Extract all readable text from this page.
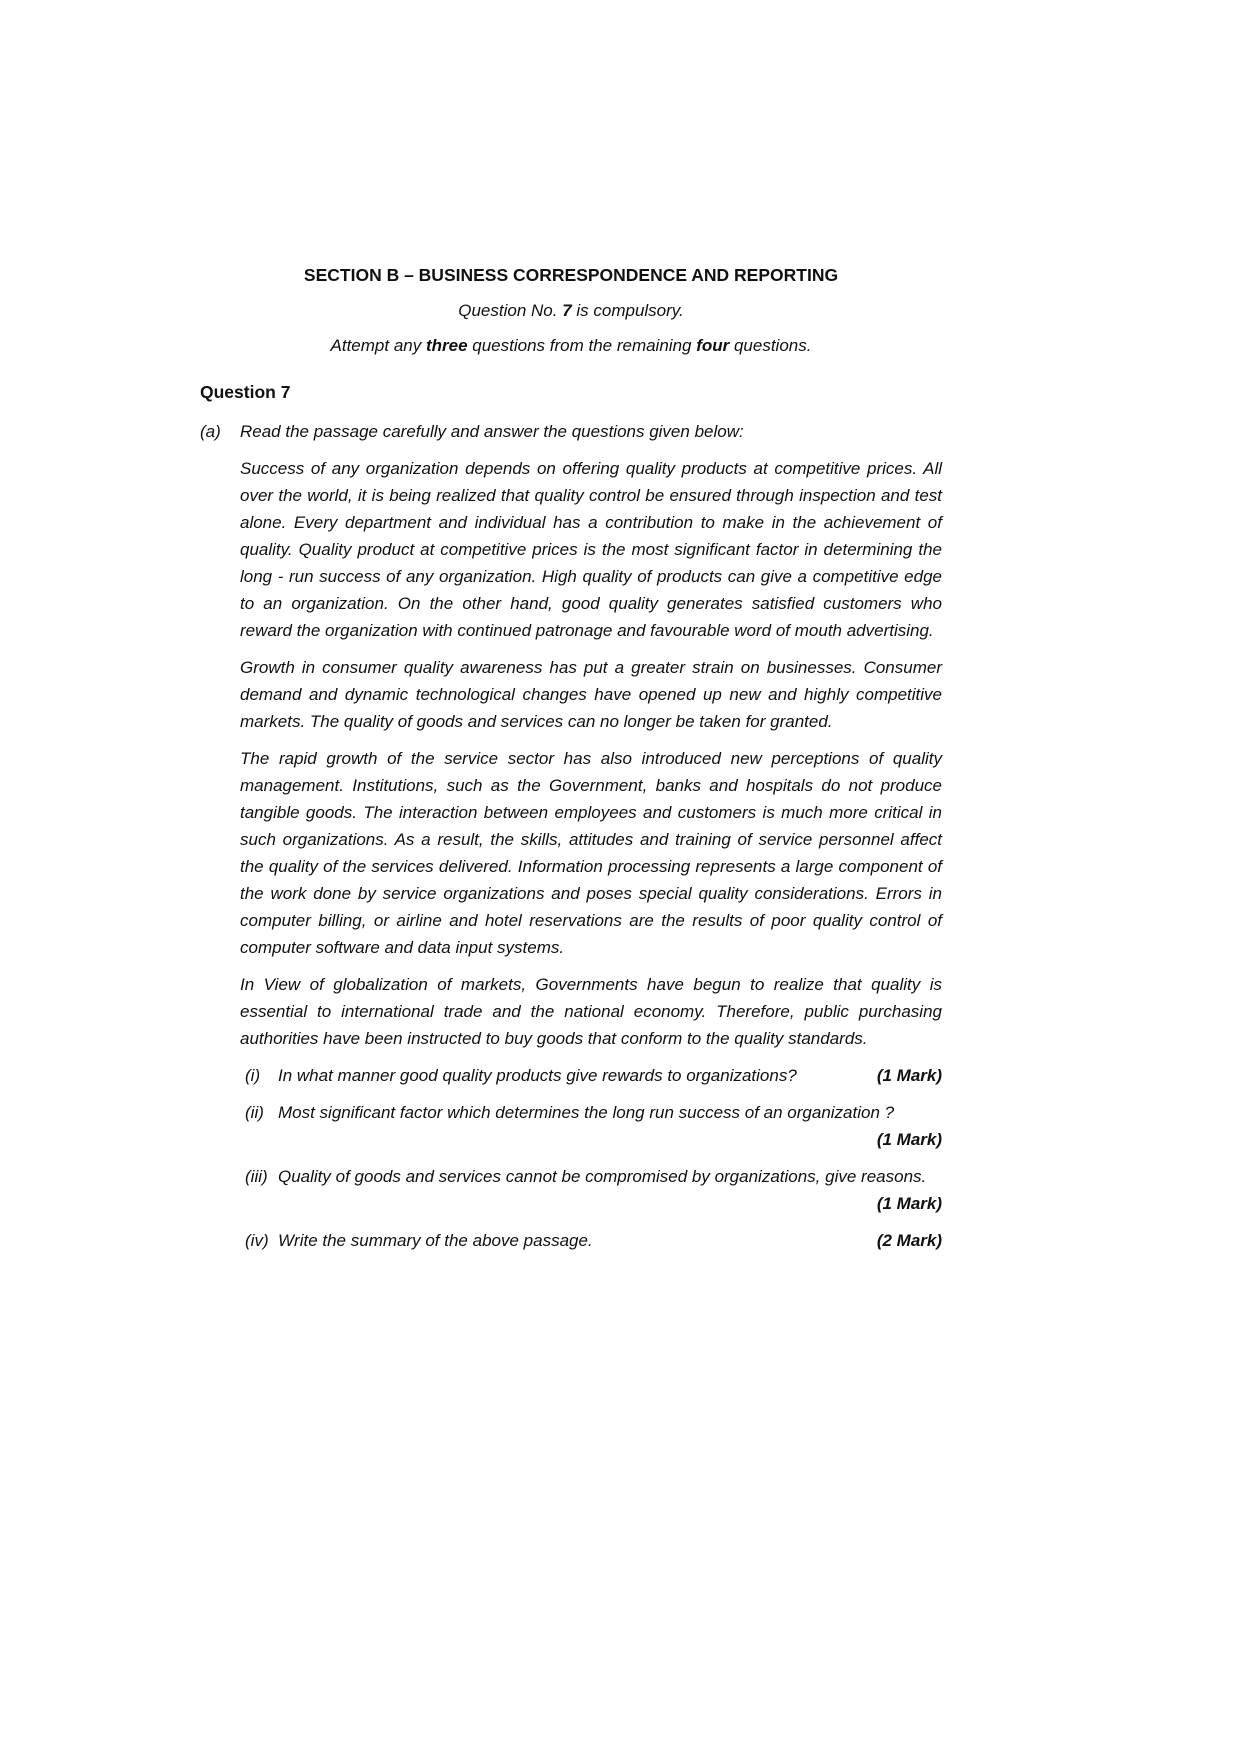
SECTION B – BUSINESS CORRESPONDENCE AND REPORTING
Question No. 7 is compulsory.
Attempt any three questions from the remaining four questions.
Question 7
(a)	Read the passage carefully and answer the questions given below:

Success of any organization depends on offering quality products at competitive prices. All over the world, it is being realized that quality control be ensured through inspection and test alone. Every department and individual has a contribution to make in the achievement of quality. Quality product at competitive prices is the most significant factor in determining the long - run success of any organization. High quality of products can give a competitive edge to an organization. On the other hand, good quality generates satisfied customers who reward the organization with continued patronage and favourable word of mouth advertising.

Growth in consumer quality awareness has put a greater strain on businesses. Consumer demand and dynamic technological changes have opened up new and highly competitive markets. The quality of goods and services can no longer be taken for granted.

The rapid growth of the service sector has also introduced new perceptions of quality management. Institutions, such as the Government, banks and hospitals do not produce tangible goods. The interaction between employees and customers is much more critical in such organizations. As a result, the skills, attitudes and training of service personnel affect the quality of the services delivered. Information processing represents a large component of the work done by service organizations and poses special quality considerations. Errors in computer billing, or airline and hotel reservations are the results of poor quality control of computer software and data input systems.

In View of globalization of markets, Governments have begun to realize that quality is essential to international trade and the national economy. Therefore, public purchasing authorities have been instructed to buy goods that conform to the quality standards.

(i)	In what manner good quality products give rewards to organizations?	(1 Mark)
(ii) Most significant factor which determines the long run success of an organization ?
(1 Mark)
(iii) Quality of goods and services cannot be compromised by organizations, give reasons.
(1 Mark)
(iv) Write the summary of the above passage.	(2 Mark)
